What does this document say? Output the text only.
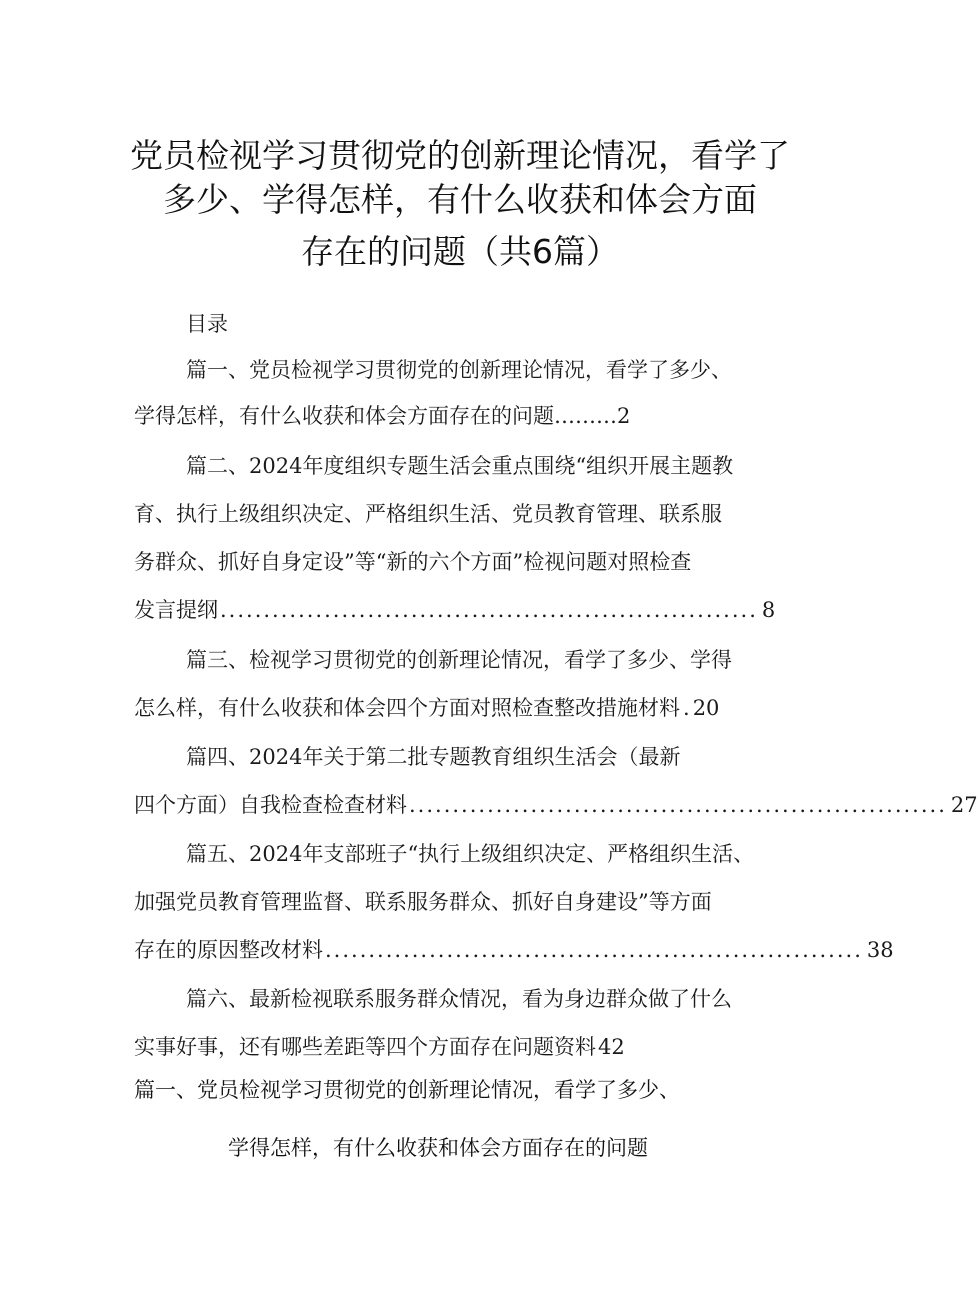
党员检视学习贯彻党的创新理论情况，看学了
多少、学得怎样，有什么收获和体会方面
存在的问题（共6篇）
目录
篇一、党员检视学习贯彻党的创新理论情况，看学了多少、
学得怎样，有什么收获和体会方面存在的问题 ……… 2
篇二、2024年度组织专题生活会重点围绕“组织开展主题教
育、执行上级组织决定、严格组织生活、党员教育管理、联系服
务群众、抓好自身定设”等“新的六个方面”检视问题对照检查
发言提纲 .............................................................. 8
篇三、检视学习贯彻党的创新理论情况，看学了多少、学得
怎么样，有什么收获和体会四个方面对照检查整改措施材料 . 20
篇四、2024年关于第二批专题教育组织生活会（最新
四个方面）自我检查检查材料 .............................................................. 27
篇五、2024年支部班子“执行上级组织决定、严格组织生活、
加强党员教育管理监督、联系服务群众、抓好自身建设”等方面
存在的原因整改材料 .............................................................. 38
篇六、最新检视联系服务群众情况，看为身边群众做了什么
实事好事，还有哪些差距等四个方面存在问题资料 42
篇一、党员检视学习贯彻党的创新理论情况，看学了多少、
学得怎样，有什么收获和体会方面存在的问题
